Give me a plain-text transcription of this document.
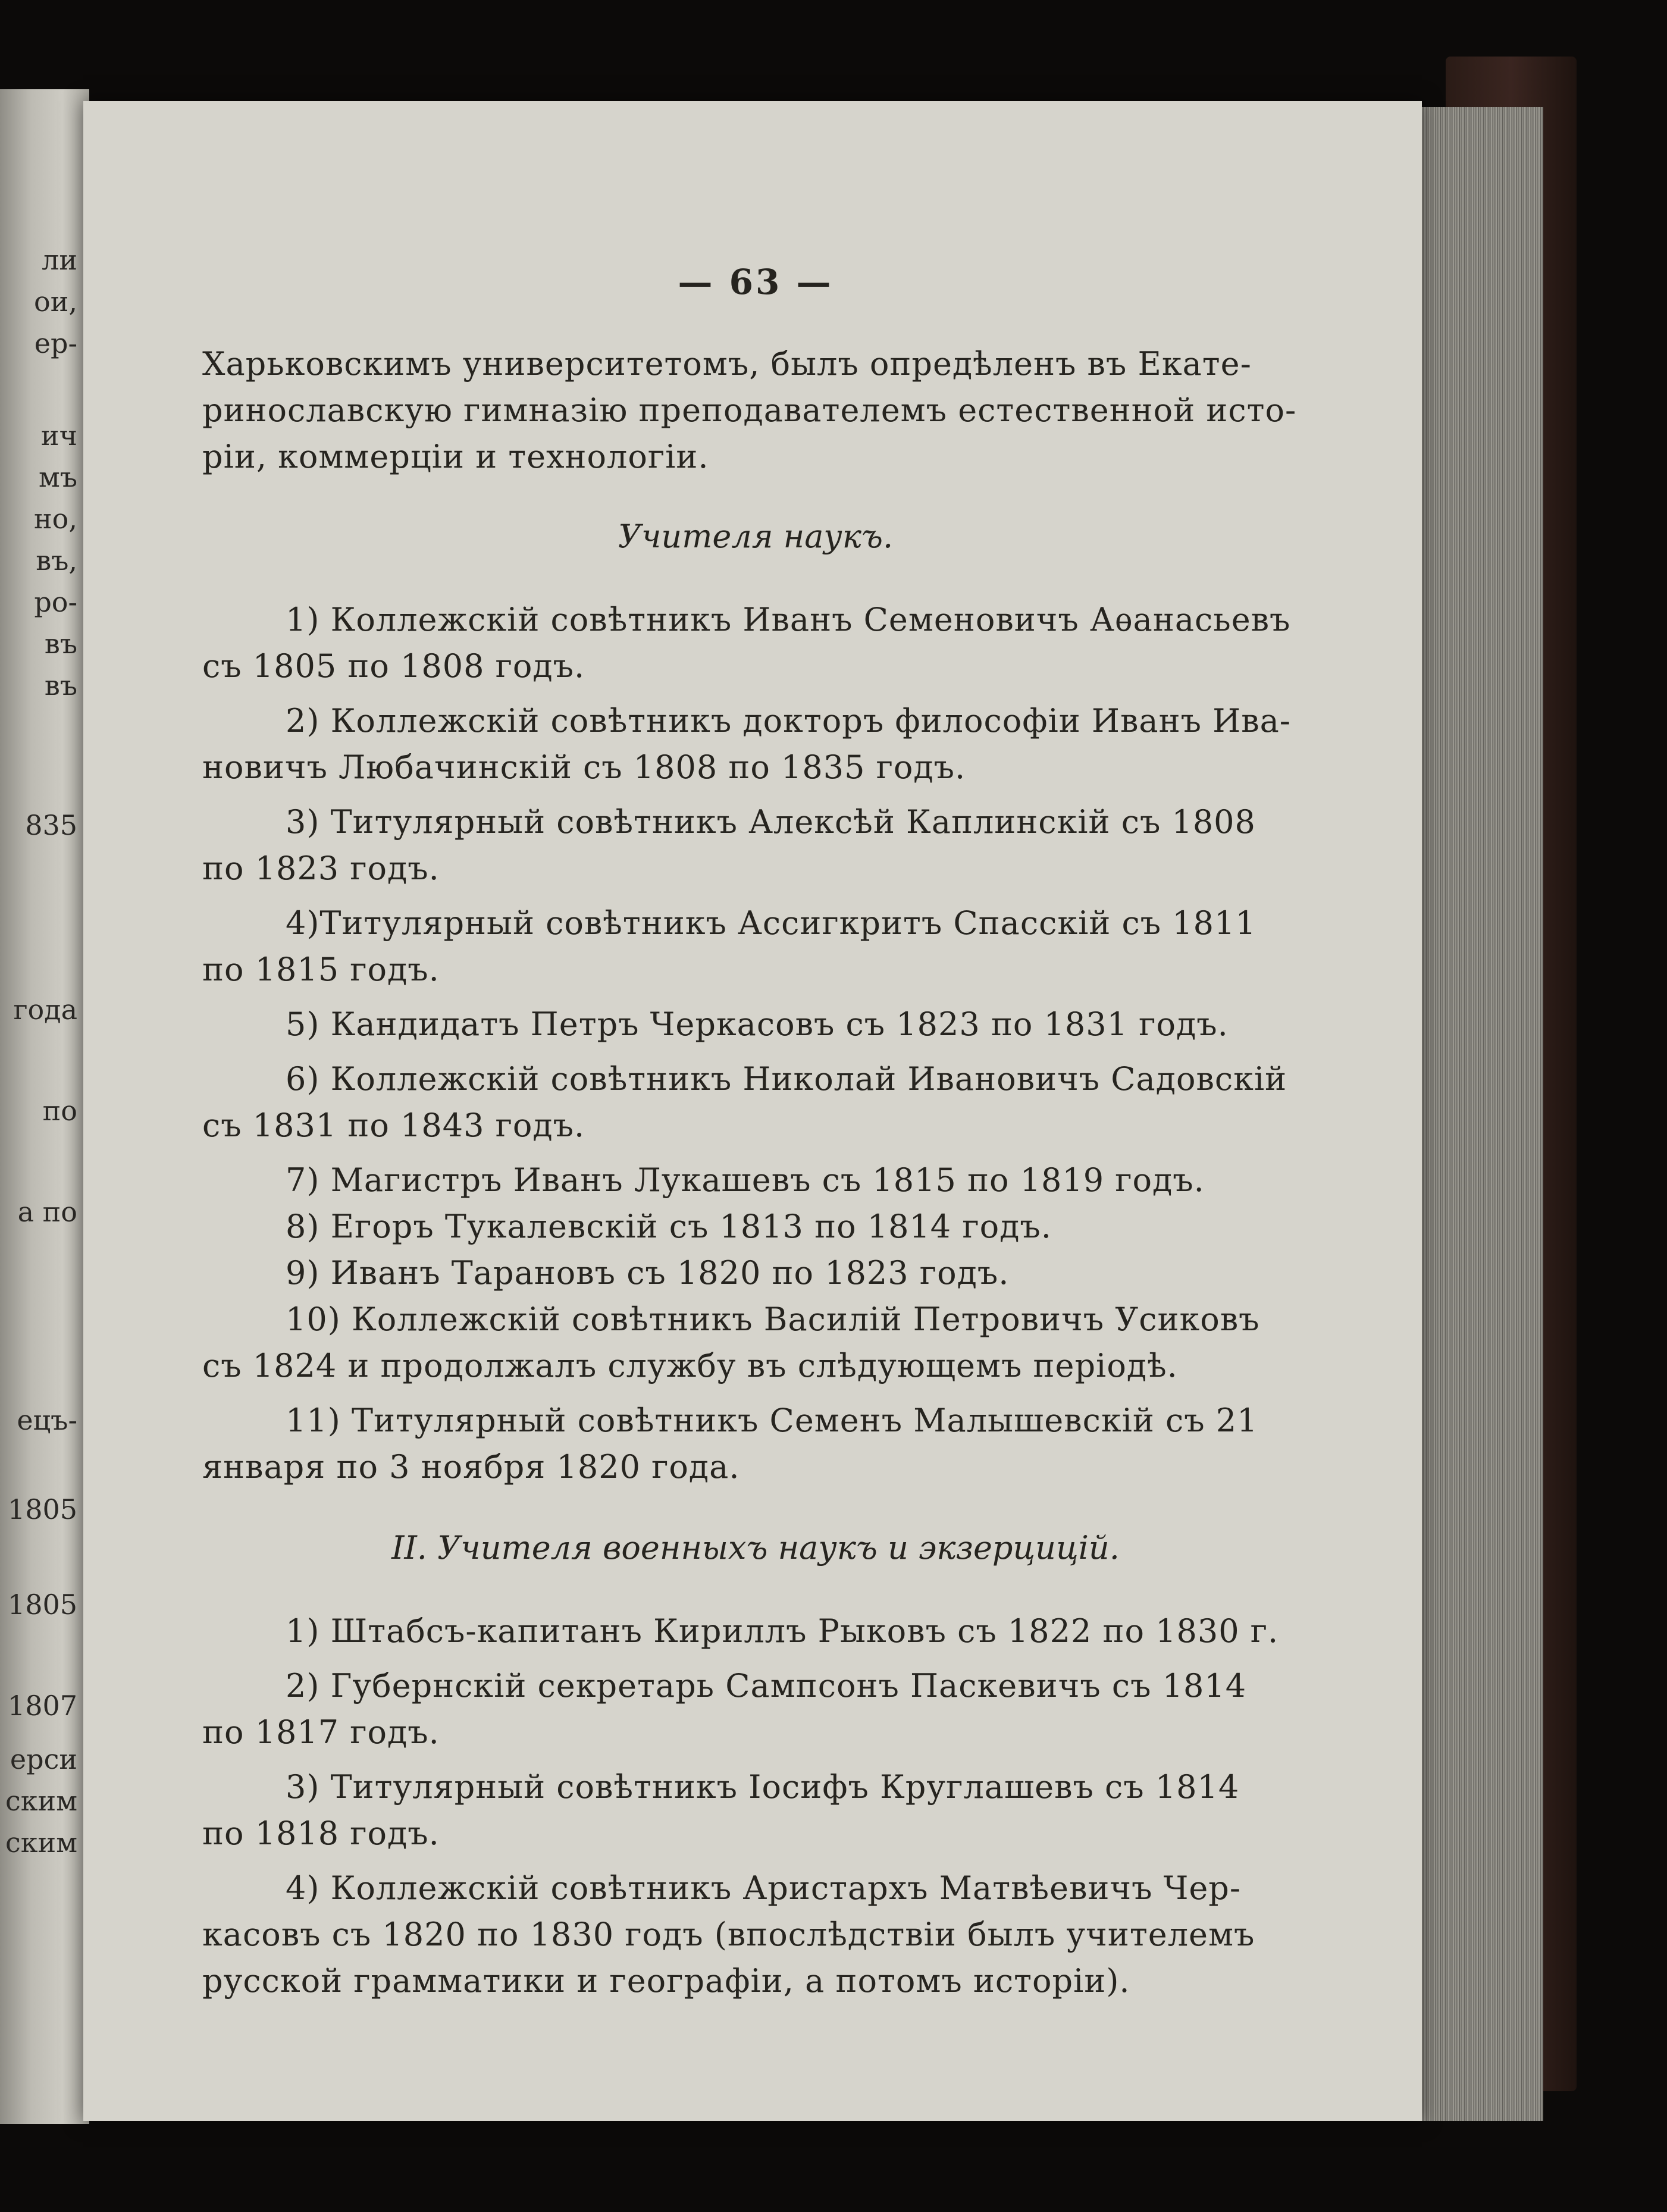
ли
ои,
ер-
ич
мъ
но,
въ,
ро-
въ
въ
835
года
по
а по
ецъ-
1805
1805
1807
ерси
ским
ским
— 63 —
Харьковскимъ университетомъ, былъ опредѣленъ въ Екате-
ринославскую гимназію преподавателемъ естественной исто-
ріи, коммерціи и технологіи.
Учителя наукъ.
1) Коллежскій совѣтникъ Иванъ Семеновичъ Аѳанасьевъ
съ 1805 по 1808 годъ.
2) Коллежскій совѣтникъ докторъ философіи Иванъ Ива-
новичъ Любачинскій съ 1808 по 1835 годъ.
3) Титулярный совѣтникъ Алексѣй Каплинскій съ 1808
по 1823 годъ.
4)Титулярный совѣтникъ Ассигкритъ Спасскій съ 1811
по 1815 годъ.
5) Кандидатъ Петръ Черкасовъ съ 1823 по 1831 годъ.
6) Коллежскій совѣтникъ Николай Ивановичъ Садовскій
съ 1831 по 1843 годъ.
7) Магистръ Иванъ Лукашевъ съ 1815 по 1819 годъ.
8) Егоръ Тукалевскій съ 1813 по 1814 годъ.
9) Иванъ Тарановъ съ 1820 по 1823 годъ.
10) Коллежскій совѣтникъ Василій Петровичъ Усиковъ
съ 1824 и продолжалъ службу въ слѣдующемъ періодѣ.
11) Титулярный совѣтникъ Семенъ Малышевскій съ 21
января по 3 ноября 1820 года.
II. Учителя военныхъ наукъ и экзерцицій.
1) Штабсъ-капитанъ Кириллъ Рыковъ съ 1822 по 1830 г.
2) Губернскій секретарь Сампсонъ Паскевичъ съ 1814
по 1817 годъ.
3) Титулярный совѣтникъ Іосифъ Круглашевъ съ 1814
по 1818 годъ.
4) Коллежскій совѣтникъ Аристархъ Матвѣевичъ Чер-
касовъ съ 1820 по 1830 годъ (впослѣдствіи былъ учителемъ
русской грамматики и географіи, а потомъ исторіи).
